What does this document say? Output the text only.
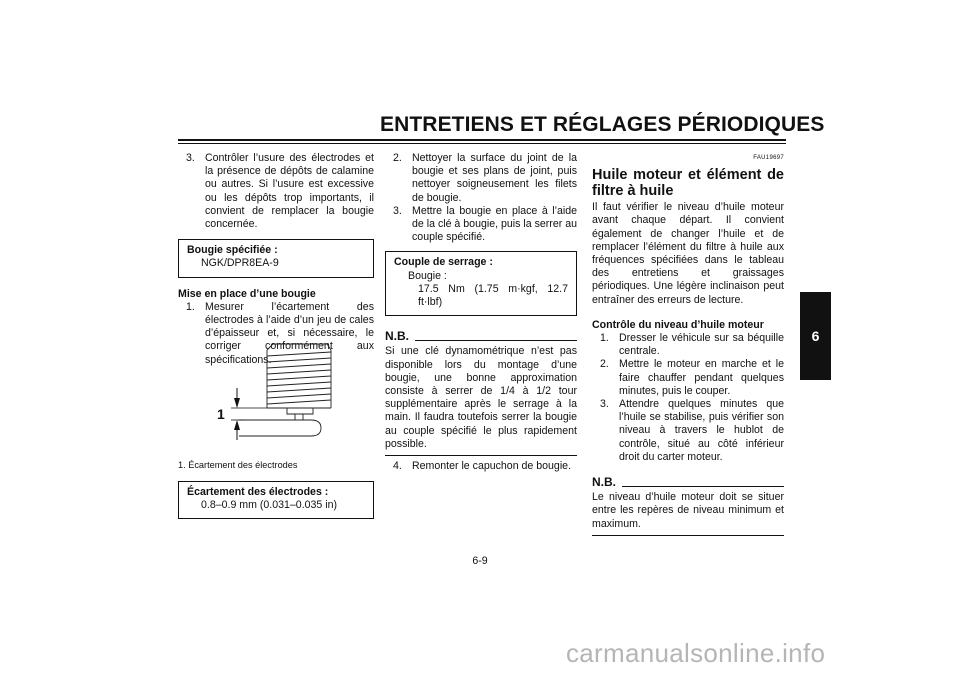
ENTRETIENS ET RÉGLAGES PÉRIODIQUES
3. Contrôler l’usure des électrodes et la présence de dépôts de calamine ou autres. Si l’usure est excessive ou les dépôts trop importants, il convient de remplacer la bougie concernée.
Bougie spécifiée :
NGK/DPR8EA-9
Mise en place d’une bougie
1. Mesurer l’écartement des électrodes à l’aide d’un jeu de cales d’épaisseur et, si nécessaire, le corriger conformément aux spécifications.
1
1. Écartement des électrodes
Écartement des électrodes :
0.8–0.9 mm (0.031–0.035 in)
2. Nettoyer la surface du joint de la bougie et ses plans de joint, puis nettoyer soigneusement les filets de bougie.
3. Mettre la bougie en place à l’aide de la clé à bougie, puis la serrer au couple spécifié.
Couple de serrage :
Bougie :
17.5 Nm (1.75 m·kgf, 12.7 ft·lbf)
N.B.
Si une clé dynamométrique n’est pas disponible lors du montage d’une bougie, une bonne approximation consiste à serrer de 1/4 à 1/2 tour supplémentaire après le serrage à la main. Il faudra toutefois serrer la bougie au couple spécifié le plus rapidement possible.
4. Remonter le capuchon de bougie.
FAU19697
Huile moteur et élément de filtre à huile
Il faut vérifier le niveau d’huile moteur avant chaque départ. Il convient également de changer l’huile et de remplacer l’élément du filtre à huile aux fréquences spécifiées dans le tableau des entretiens et graissages périodiques. Une légère inclinaison peut entraîner des erreurs de lecture.
Contrôle du niveau d’huile moteur
1. Dresser le véhicule sur sa béquille centrale.
2. Mettre le moteur en marche et le faire chauffer pendant quelques minutes, puis le couper.
3. Attendre quelques minutes que l’huile se stabilise, puis vérifier son niveau à travers le hublot de contrôle, situé au côté inférieur droit du carter moteur.
N.B.
Le niveau d’huile moteur doit se situer entre les repères de niveau minimum et maximum.
6
6-9
carmanualsonline.info
